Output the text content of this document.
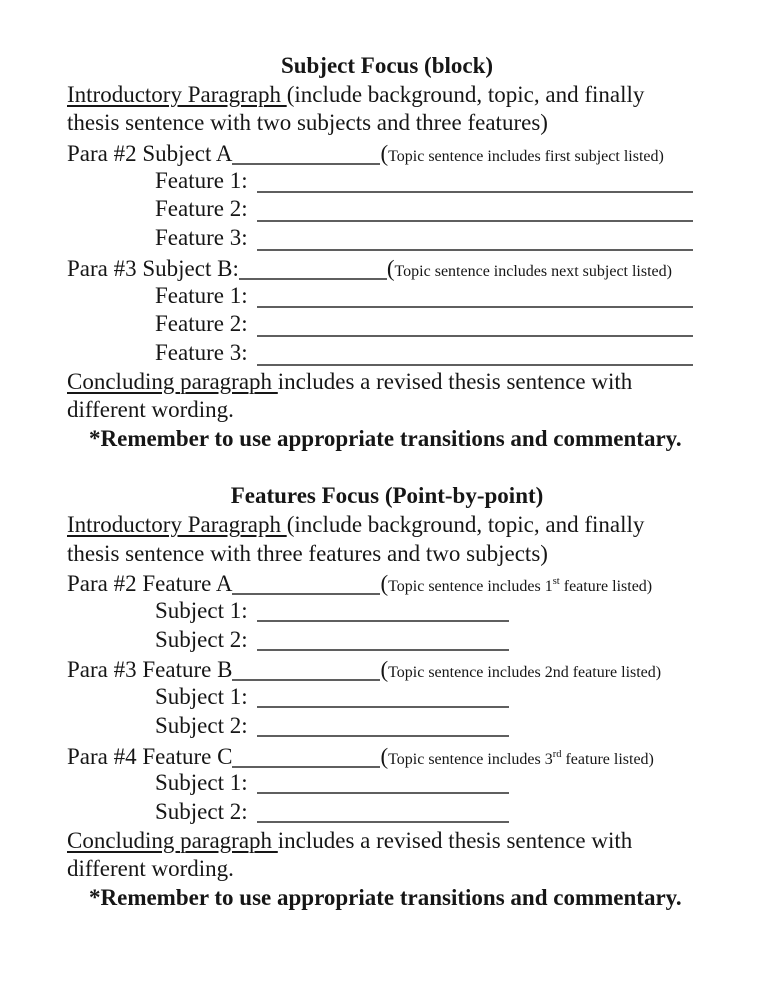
Subject Focus (block)
Introductory Paragraph (include background, topic, and finally
thesis sentence with two subjects and three features)
Para #2 Subject A	(Topic sentence includes first subject listed)
Feature 1:
Feature 2:
Feature 3:
Para #3 Subject B:	(Topic sentence includes next subject listed)
Feature 1:
Feature 2:
Feature 3:
Concluding paragraph includes a revised thesis sentence with
different wording.
*Remember to use appropriate transitions and commentary.
Features Focus (Point-by-point)
Introductory Paragraph (include background, topic, and finally
thesis sentence with three features and two subjects)
Para #2 Feature A	(Topic sentence includes 1st feature listed)
Subject 1:
Subject 2:
Para #3 Feature B	(Topic sentence includes 2nd feature listed)
Subject 1:
Subject 2:
Para #4 Feature C	(Topic sentence includes 3rd feature listed)
Subject 1:
Subject 2:
Concluding paragraph includes a revised thesis sentence with
different wording.
*Remember to use appropriate transitions and commentary.
